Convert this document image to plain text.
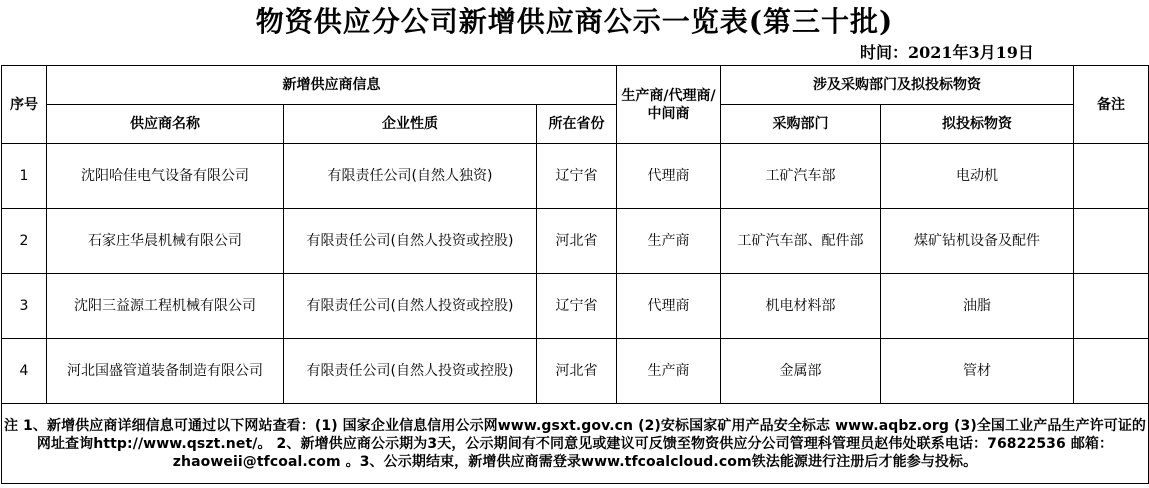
物资供应分公司新增供应商公示一览表(第三十批)
时间：2021年3月19日
序号	新增供应商信息			生产商/代理商/中间商	涉及采购部门及拟投标物资		备注
	供应商名称	企业性质	所在省份		采购部门	拟投标物资	
1	沈阳哈佳电气设备有限公司	有限责任公司(自然人独资)	辽宁省	代理商	工矿汽车部	电动机	
2	石家庄华晨机械有限公司	有限责任公司(自然人投资或控股)	河北省	生产商	工矿汽车部、配件部	煤矿钻机设备及配件	
3	沈阳三益源工程机械有限公司	有限责任公司(自然人投资或控股)	辽宁省	代理商	机电材料部	油脂	
4	河北国盛管道装备制造有限公司	有限责任公司(自然人投资或控股)	河北省	生产商	金属部	管材	
注 1、新增供应商详细信息可通过以下网站查看：(1) 国家企业信息信用公示网www.gsxt.gov.cn (2)安标国家矿用产品安全标志 www.aqbz.org (3)全国工业产品生产许可证的网址查询http://www.qszt.net/。 2、新增供应商公示期为3天，公示期间有不同意见或建议可反馈至物资供应分公司管理科管理员赵伟处联系电话：76822536 邮箱：zhaoweii@tfcoal.com 。3、公示期结束，新增供应商需登录www.tfcoalcloud.com铁法能源进行注册后才能参与投标。							
